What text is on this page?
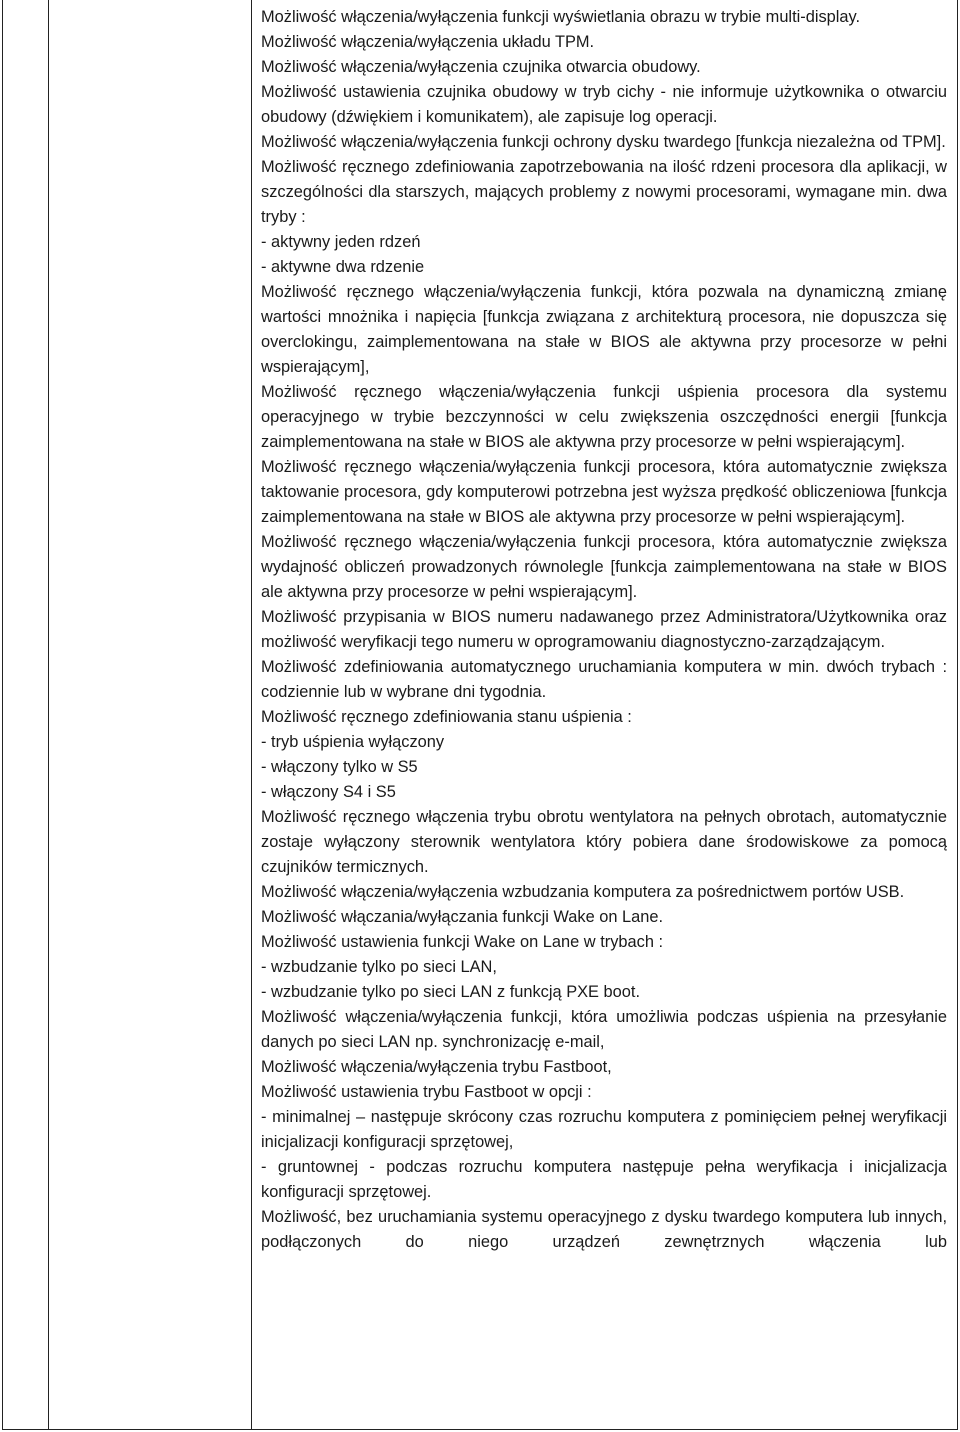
Możliwość włączenia/wyłączenia funkcji wyświetlania obrazu w trybie multi-display.

Możliwość włączenia/wyłączenia układu TPM.

Możliwość włączenia/wyłączenia czujnika otwarcia obudowy.

Możliwość ustawienia czujnika obudowy w tryb cichy - nie informuje użytkownika o otwarciu obudowy (dźwiękiem i komunikatem), ale zapisuje log operacji.

Możliwość włączenia/wyłączenia funkcji ochrony dysku twardego [funkcja niezależna od TPM].

Możliwość ręcznego zdefiniowania zapotrzebowania na ilość rdzeni procesora dla aplikacji, w szczególności dla starszych, mających problemy z nowymi procesorami, wymagane min. dwa tryby :

- aktywny jeden rdzeń

- aktywne dwa rdzenie

Możliwość ręcznego włączenia/wyłączenia funkcji, która pozwala na dynamiczną zmianę wartości mnożnika i napięcia [funkcja związana z architekturą procesora, nie dopuszcza się overclokingu, zaimplementowana na stałe w BIOS ale aktywna przy procesorze w pełni wspierającym],

Możliwość ręcznego włączenia/wyłączenia funkcji uśpienia procesora dla systemu operacyjnego w trybie bezczynności w celu zwiększenia oszczędności energii [funkcja zaimplementowana na stałe w BIOS ale aktywna przy procesorze w pełni wspierającym].

Możliwość ręcznego włączenia/wyłączenia funkcji procesora, która automatycznie zwiększa taktowanie procesora, gdy komputerowi potrzebna jest wyższa prędkość obliczeniowa [funkcja zaimplementowana na stałe w BIOS ale aktywna przy procesorze w pełni wspierającym].

Możliwość ręcznego włączenia/wyłączenia funkcji procesora, która automatycznie zwiększa wydajność obliczeń prowadzonych równolegle [funkcja zaimplementowana na stałe w BIOS ale aktywna przy procesorze w pełni wspierającym].

Możliwość przypisania w BIOS numeru nadawanego przez Administratora/Użytkownika oraz możliwość weryfikacji tego numeru w oprogramowaniu diagnostyczno-zarządzającym.

Możliwość zdefiniowania automatycznego uruchamiania komputera w min. dwóch trybach : codziennie lub w wybrane dni tygodnia.

Możliwość ręcznego zdefiniowania stanu uśpienia :

- tryb uśpienia wyłączony

- włączony tylko w S5

- włączony S4 i S5

Możliwość ręcznego włączenia trybu obrotu wentylatora na pełnych obrotach, automatycznie zostaje wyłączony sterownik wentylatora który pobiera dane środowiskowe za pomocą czujników termicznych.

Możliwość włączenia/wyłączenia wzbudzania komputera za pośrednictwem portów USB.

Możliwość włączania/wyłączania funkcji Wake on Lane.

Możliwość ustawienia funkcji Wake on Lane w trybach :

- wzbudzanie tylko po sieci LAN,

- wzbudzanie tylko po sieci LAN z funkcją PXE boot.

Możliwość włączenia/wyłączenia funkcji, która umożliwia podczas uśpienia na przesyłanie danych po sieci LAN np. synchronizację e-mail,

Możliwość włączenia/wyłączenia trybu Fastboot,

Możliwość ustawienia trybu Fastboot w opcji :

- minimalnej – następuje skrócony czas rozruchu komputera z pominięciem pełnej weryfikacji inicjalizacji konfiguracji sprzętowej,

- gruntownej - podczas rozruchu komputera następuje pełna weryfikacja i inicjalizacja konfiguracji sprzętowej.

Możliwość, bez uruchamiania systemu operacyjnego z dysku twardego komputera lub innych, podłączonych do niego urządzeń zewnętrznych włączenia lub
